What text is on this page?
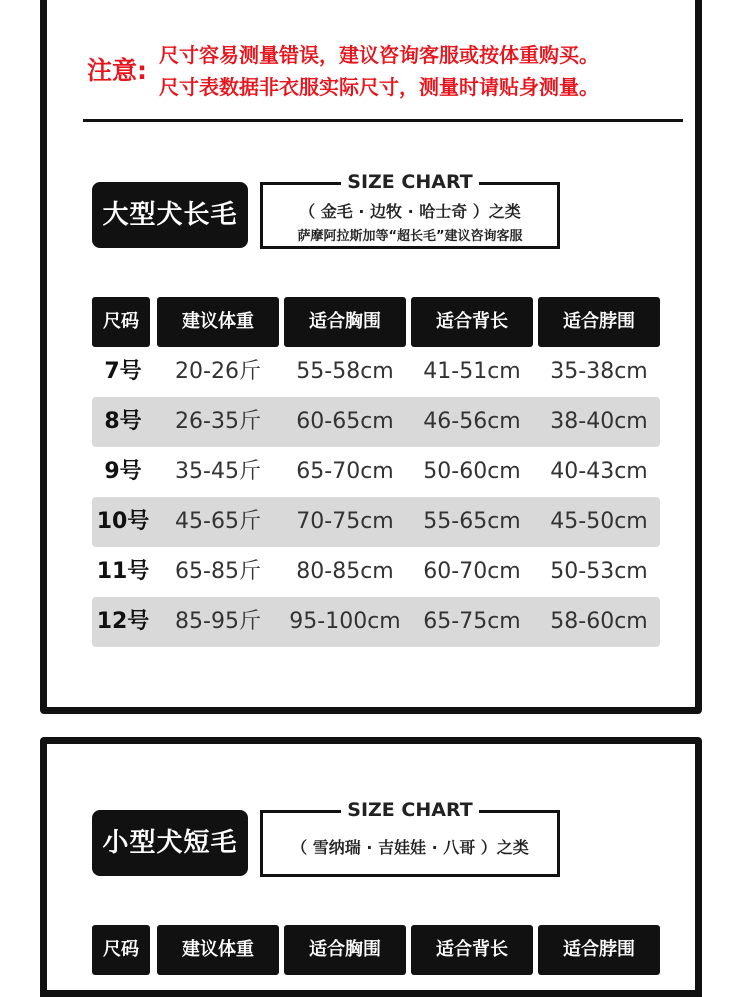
注意:
尺寸容易测量错误，建议咨询客服或按体重购买。
尺寸表数据非衣服实际尺寸，测量时请贴身测量。
大型犬长毛
SIZE CHART
（ 金毛 · 边牧 · 哈士奇 ）之类
萨摩阿拉斯加等“超长毛”建议咨询客服
尺码	建议体重	适合胸围	适合背长	适合脖围
7号	20-26斤	55-58cm	41-51cm	35-38cm
8号	26-35斤	60-65cm	46-56cm	38-40cm
9号	35-45斤	65-70cm	50-60cm	40-43cm
10号	45-65斤	70-75cm	55-65cm	45-50cm
11号	65-85斤	80-85cm	60-70cm	50-53cm
12号	85-95斤	95-100cm	65-75cm	58-60cm
小型犬短毛
SIZE CHART
（ 雪纳瑞 · 吉娃娃 · 八哥 ）之类
尺码	建议体重	适合胸围	适合背长	适合脖围
